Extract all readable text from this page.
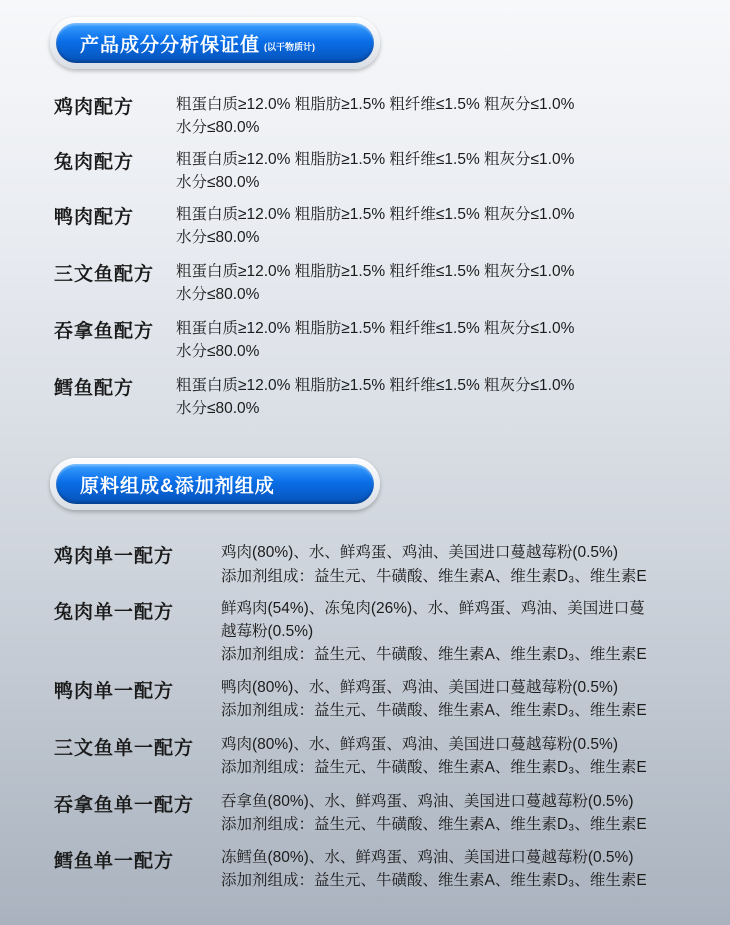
产品成分分析保证值 (以干物质计)
鸡肉配方	粗蛋白质≥12.0% 粗脂肪≥1.5% 粗纤维≤1.5% 粗灰分≤1.0%
水分≤80.0%
兔肉配方	粗蛋白质≥12.0% 粗脂肪≥1.5% 粗纤维≤1.5% 粗灰分≤1.0%
水分≤80.0%
鸭肉配方	粗蛋白质≥12.0% 粗脂肪≥1.5% 粗纤维≤1.5% 粗灰分≤1.0%
水分≤80.0%
三文鱼配方 粗蛋白质≥12.0% 粗脂肪≥1.5% 粗纤维≤1.5% 粗灰分≤1.0%
水分≤80.0%
吞拿鱼配方 粗蛋白质≥12.0% 粗脂肪≥1.5% 粗纤维≤1.5% 粗灰分≤1.0%
水分≤80.0%
鳕鱼配方	粗蛋白质≥12.0% 粗脂肪≥1.5% 粗纤维≤1.5% 粗灰分≤1.0%
水分≤80.0%
原料组成&添加剂组成
鸡肉单一配方	鸡肉(80%)、水、鲜鸡蛋、鸡油、美国进口蔓越莓粉(0.5%)
添加剂组成：益生元、牛磺酸、维生素A、维生素D₃、维生素E
兔肉单一配方	鲜鸡肉(54%)、冻兔肉(26%)、水、鲜鸡蛋、鸡油、美国进口蔓
越莓粉(0.5%)
添加剂组成：益生元、牛磺酸、维生素A、维生素D₃、维生素E
鸭肉单一配方	鸭肉(80%)、水、鲜鸡蛋、鸡油、美国进口蔓越莓粉(0.5%)
添加剂组成：益生元、牛磺酸、维生素A、维生素D₃、维生素E
三文鱼单一配方 鸡肉(80%)、水、鲜鸡蛋、鸡油、美国进口蔓越莓粉(0.5%)
添加剂组成：益生元、牛磺酸、维生素A、维生素D₃、维生素E
吞拿鱼单一配方 吞拿鱼(80%)、水、鲜鸡蛋、鸡油、美国进口蔓越莓粉(0.5%)
添加剂组成：益生元、牛磺酸、维生素A、维生素D₃、维生素E
鳕鱼单一配方	冻鳕鱼(80%)、水、鲜鸡蛋、鸡油、美国进口蔓越莓粉(0.5%)
添加剂组成：益生元、牛磺酸、维生素A、维生素D₃、维生素E
